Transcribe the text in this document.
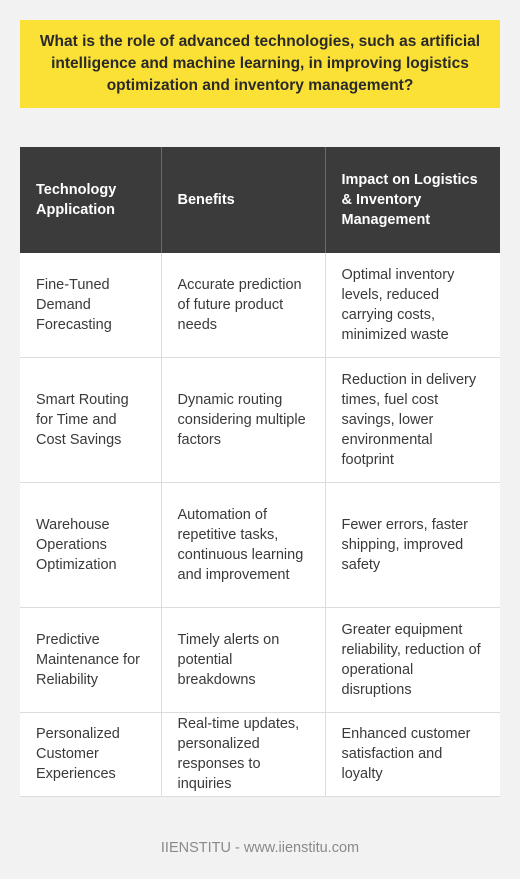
What is the role of advanced technologies, such as artificial intelligence and machine learning, in improving logistics optimization and inventory management?
Technology Application	Benefits	Impact on Logistics & Inventory Management
Fine-Tuned Demand Forecasting	Accurate prediction of future product needs	Optimal inventory levels, reduced carrying costs, minimized waste
Smart Routing for Time and Cost Savings	Dynamic routing considering multiple factors	Reduction in delivery times, fuel cost savings, lower environmental footprint
Warehouse Operations Optimization	Automation of repetitive tasks, continuous learning and improvement	Fewer errors, faster shipping, improved safety
Predictive Maintenance for Reliability	Timely alerts on potential breakdowns	Greater equipment reliability, reduction of operational disruptions
Personalized Customer Experiences	Real-time updates, personalized responses to inquiries	Enhanced customer satisfaction and loyalty
IIENSTITU - www.iienstitu.com
